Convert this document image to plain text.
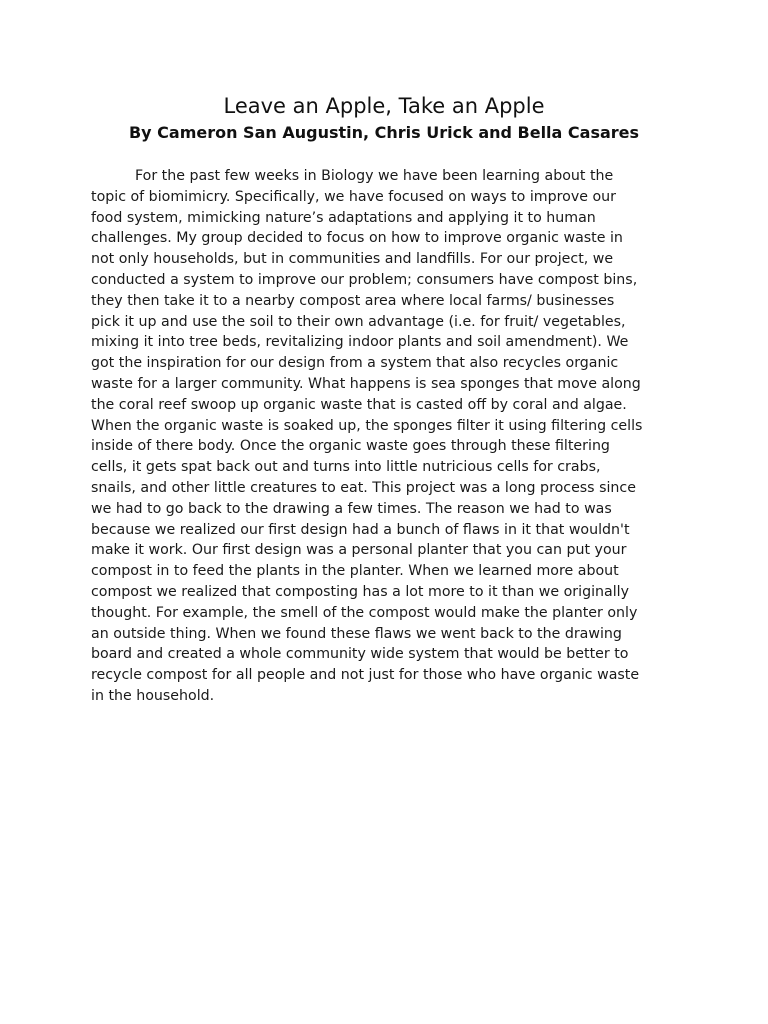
Leave an Apple, Take an Apple
By Cameron San Augustin, Chris Urick and Bella Casares
For the past few weeks in Biology we have been learning about the
topic of biomimicry. Specifically, we have focused on ways to improve our
food system, mimicking nature’s adaptations and applying it to human
challenges. My group decided to focus on how to improve organic waste in
not only households, but in communities and landfills. For our project, we
conducted a system to improve our problem; consumers have compost bins,
they then take it to a nearby compost area where local farms/ businesses
pick it up and use the soil to their own advantage (i.e. for fruit/ vegetables,
mixing it into tree beds, revitalizing indoor plants and soil amendment). We
got the inspiration for our design from a system that also recycles organic
waste for a larger community. What happens is sea sponges that move along
the coral reef swoop up organic waste that is casted off by coral and algae.
When the organic waste is soaked up, the sponges filter it using filtering cells
inside of there body. Once the organic waste goes through these filtering
cells, it gets spat back out and turns into little nutricious cells for crabs,
snails, and other little creatures to eat. This project was a long process since
we had to go back to the drawing a few times. The reason we had to was
because we realized our first design had a bunch of flaws in it that wouldn't
make it work. Our first design was a personal planter that you can put your
compost in to feed the plants in the planter. When we learned more about
compost we realized that composting has a lot more to it than we originally
thought. For example, the smell of the compost would make the planter only
an outside thing. When we found these flaws we went back to the drawing
board and created a whole community wide system that would be better to
recycle compost for all people and not just for those who have organic waste
in the household.
